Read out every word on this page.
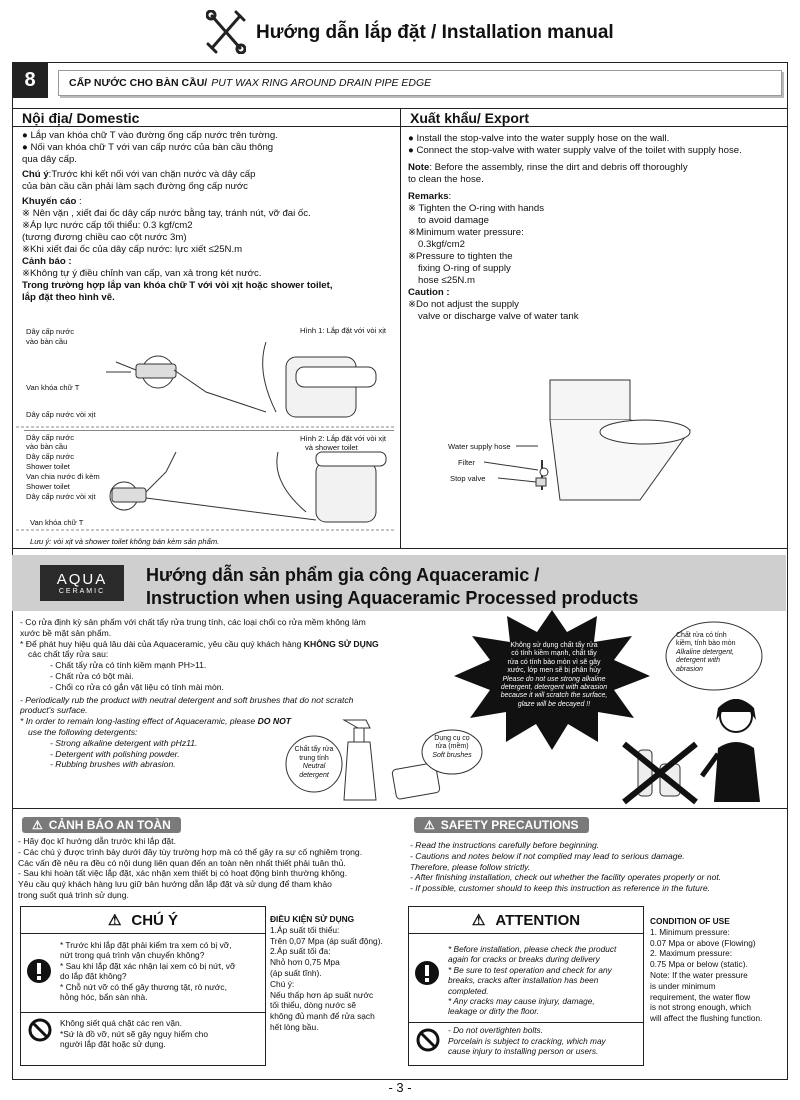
Hướng dẫn lắp đặt / Installation manual
8	CẤP NƯỚC CHO BÀN CẦU/ PUT WAX RING AROUND DRAIN PIPE EDGE
Nội địa/ Domestic	Xuất khẩu/ Export

● Lắp van khóa chữ T vào đường ống cấp nước trên tường.

● Nối van khóa chữ T với van cấp nước của bàn cầu thông

qua dây cấp.

Chú ý:Trước khi kết nối với van chặn nước và dây cấp

của bàn cầu cần phải làm sạch đường ống cấp nước

Khuyến cáo :

※ Nên vặn , xiết đai ốc dây cấp nước bằng tay, tránh nút, vỡ đai ốc.

※Áp lực nước cấp tối thiểu: 0.3 kgf/cm2

(tương đương chiều cao cột nước 3m)

※Khi xiết đai ốc của dây cấp nước: lực xiết ≤25N.m

Cảnh báo :

※Không tự ý điều chỉnh van cấp, van xả trong két nước.

Trong trường hợp lắp van khóa chữ T với vòi xịt hoặc shower toilet,

lắp đặt theo hình vẽ.

Dây cấp nước
vào bàn cầu
Van khóa chữ T
Dây cấp nước vòi xịt
Hình 1: Lắp đặt với vòi xịt
Dây cấp nước
vào bàn cầu
Dây cấp nước
Shower toilet
Van chia nước đi kèm
Shower toilet
Dây cấp nước vòi xịt
Van khóa chữ T
Hình 2: Lắp đặt với vòi xịt
và shower toilet
Lưu ý: vòi xịt và shower toilet không bán kèm sản phẩm.

● Install the stop-valve into the water supply hose on the wall.

● Connect the stop-valve with water supply valve of the toilet with supply hose.

Note: Before the assembly, rinse the dirt and debris off thoroughly

to clean the hose.

Remarks:

※ Tighten the O-ring with hands

to avoid damage

※Minimum water pressure:

0.3kgf/cm2

※Pressure to tighten the

fixing O-ring of supply

hose ≤25N.m

Caution :

※Do not adjust the supply

valve or discharge valve of water tank

Water supply hose
Filter
Stop valve
AQUA
CERAMIC
Hướng dẫn sản phẩm gia công Aquaceramic /
Instruction when using Aquaceramic Processed products

- Cọ rửa định kỳ sản phẩm với chất tẩy rửa trung tính, các loại chổi cọ rửa mềm không làm

xước bề mặt sản phẩm.

* Để phát huy hiệu quả lâu dài của Aquaceramic, yêu cầu quý khách hàng KHÔNG SỬ DỤNG

các chất tẩy rửa sau:

- Chất tẩy rửa có tính kiềm mạnh PH>11.

- Chất rửa có bột mài.

- Chổi cọ rửa có gắn vật liệu có tính mài mòn.

- Periodically rub the product with neutral detergent and soft brushes that do not scratch

product's surface.

* In order to remain long-lasting effect of Aquaceramic, please DO NOT

use the following detergents:

- Strong alkaline detergent with pHz11.

- Detergent with polishing powder.

- Rubbing brushes with abrasion.

Không sử dụng chất tẩy rửa
có tính kiềm mạnh, chất tẩy
rửa có tính bào mòn vì sẽ gây
xước, lớp men sẽ bị phân hủy
Please do not use strong alkaline
detergent, detergent with abrasion
because it will scratch the surface,
glaze will be decayed !!
Chất rửa có tính
kiềm, tính bào mòn
Alkaline detergent,
detergent with
abrasion
Chất tẩy rửa
trung tính
Neutral
detergent
Dụng cụ cọ
rửa (mềm)
Soft brushes
⚠ CẢNH BÁO AN TOÀN
- Hãy đọc kĩ hướng dẫn trước khi lắp đặt.
- Các chú ý được trình bày dưới đây tùy trường hợp mà có thể gây ra sự cố nghiêm trọng.
Các vấn đề nêu ra đều có nội dung liên quan đến an toàn nên nhất thiết phải tuân thủ.
- Sau khi hoàn tất việc lắp đặt, xác nhận xem thiết bị có hoạt động bình thường không.
Yêu cầu quý khách hàng lưu giữ bản hướng dẫn lắp đặt và sử dụng để tham khảo
trong suốt quá trình sử dụng.
⚠ CHÚ Ý
* Trước khi lắp đặt phải kiểm tra xem có bị vỡ,
nứt trong quá trình vận chuyển không?
* Sau khi lắp đặt xác nhận lại xem có bị nứt, vỡ
do lắp đặt không?
* Chỗ nứt vỡ có thể gây thương tật, rò nước,
hỏng hóc, bẩn sàn nhà.
Không siết quá chặt các ren vặn.
*Sứ là đồ vỡ, nứt sẽ gây nguy hiểm cho
người lắp đặt hoặc sử dụng.
ĐIỀU KIỆN SỬ DỤNG
1.Áp suất tối thiểu:
Trên 0,07 Mpa (áp suất động).
2.Áp suất tối đa:
Nhỏ hơn 0,75 Mpa
(áp suất tĩnh).
Chú ý:
Nếu thấp hơn áp suất nước
tối thiểu, dòng nước sẽ
không đủ mạnh để rửa sạch
hết lòng bầu.
⚠ SAFETY PRECAUTIONS
- Read the instructions carefully before beginning.
- Cautions and notes below if not complied may lead to serious damage.
Therefore, please follow strictly.
- After finishing installation, check out whether the facility operates properly or not.
- If possible, customer should to keep this instruction as reference in the future.
⚠ ATTENTION
* Before installation, please check the product
again for cracks or breaks during delivery
* Be sure to test operation and check for any
breaks, cracks after installation has been
completed.
* Any cracks may cause injury, damage,
leakage or dirty the floor.
- Do not overtighten bolts.
Porcelain is subject to cracking, which may
cause injury to installing person or users.
CONDITION OF USE
1. Minimum pressure:
0.07 Mpa or above (Flowing)
2. Maximum pressure:
0.75 Mpa or below (static).
Note: If the water pressure
is under minimum
requirement, the water flow
is not strong enough, which
will affect the flushing function.
- 3 -
